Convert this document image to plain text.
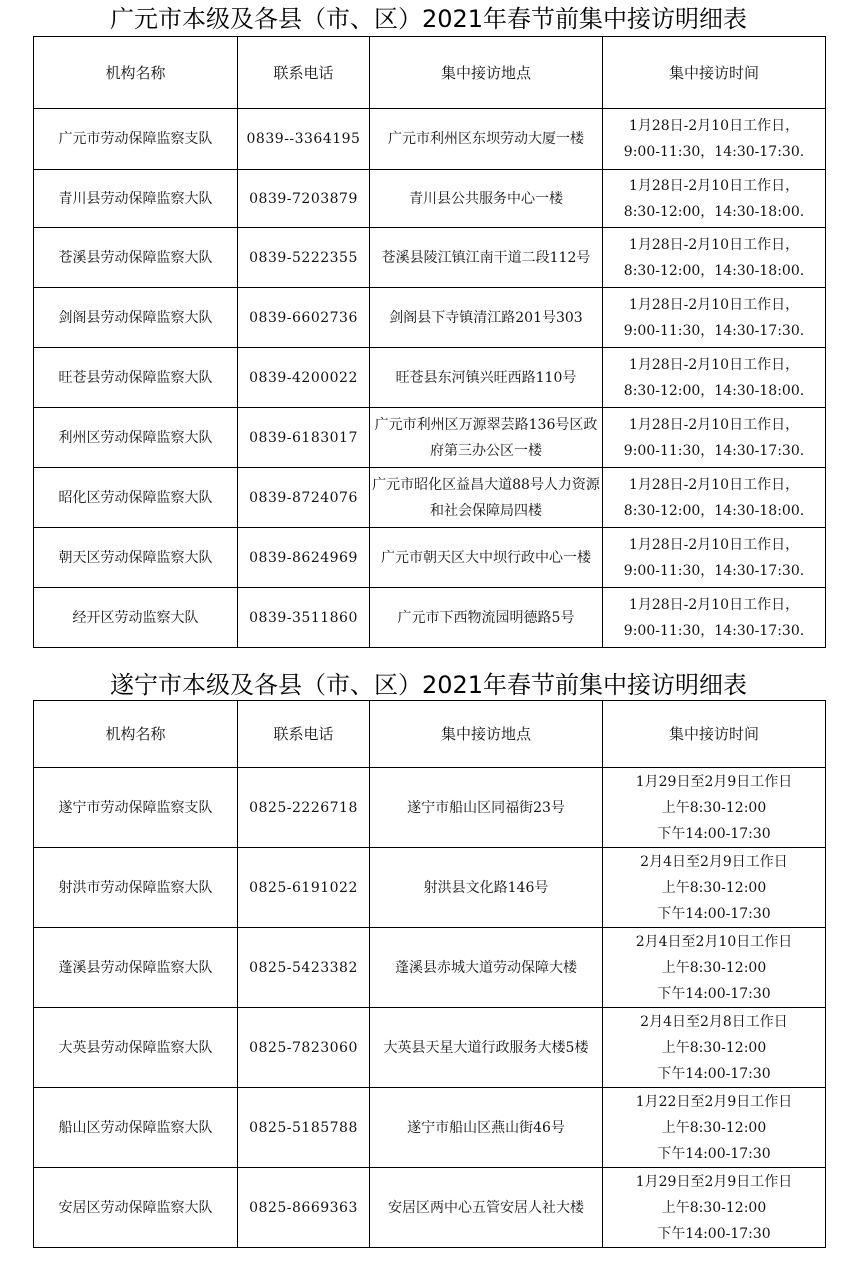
广元市本级及各县（市、区）2021年春节前集中接访明细表
机构名称	联系电话	集中接访地点	集中接访时间
广元市劳动保障监察支队	0839--3364195	广元市利州区东坝劳动大厦一楼	1月28日-2月10日工作日，
9:00-11:30，14:30-17:30.

青川县劳动保障监察大队	0839-7203879	青川县公共服务中心一楼	1月28日-2月10日工作日，
8:30-12:00，14:30-18:00.

苍溪县劳动保障监察大队	0839-5222355	苍溪县陵江镇江南干道二段112号	1月28日-2月10日工作日，
8:30-12:00，14:30-18:00.

剑阁县劳动保障监察大队	0839-6602736	剑阁县下寺镇清江路201号303	1月28日-2月10日工作日，
9:00-11:30，14:30-17:30.

旺苍县劳动保障监察大队	0839-4200022	旺苍县东河镇兴旺西路110号	1月28日-2月10日工作日，
8:30-12:00，14:30-18:00.

利州区劳动保障监察大队	0839-6183017	广元市利州区万源翠芸路136号区政府第三办公区一楼	1月28日-2月10日工作日，
9:00-11:30，14:30-17:30.

昭化区劳动保障监察大队	0839-8724076	广元市昭化区益昌大道88号人力资源和社会保障局四楼	1月28日-2月10日工作日，
8:30-12:00，14:30-18:00.

朝天区劳动保障监察大队	0839-8624969	广元市朝天区大中坝行政中心一楼	1月28日-2月10日工作日，
9:00-11:30，14:30-17:30.

经开区劳动监察大队	0839-3511860	广元市下西物流园明德路5号	1月28日-2月10日工作日，
9:00-11:30，14:30-17:30.
遂宁市本级及各县（市、区）2021年春节前集中接访明细表
机构名称	联系电话	集中接访地点	集中接访时间
遂宁市劳动保障监察支队	0825-2226718	遂宁市船山区同福街23号	1月29日至2月9日工作日
上午8:30-12:00
下午14:00-17:30

射洪市劳动保障监察大队	0825-6191022	射洪县文化路146号	2月4日至2月9日工作日
上午8:30-12:00
下午14:00-17:30

蓬溪县劳动保障监察大队	0825-5423382	蓬溪县赤城大道劳动保障大楼	2月4日至2月10日工作日
上午8:30-12:00
下午14:00-17:30

大英县劳动保障监察大队	0825-7823060	大英县天星大道行政服务大楼5楼	2月4日至2月8日工作日
上午8:30-12:00
下午14:00-17:30

船山区劳动保障监察大队	0825-5185788	遂宁市船山区燕山街46号	1月22日至2月9日工作日
上午8:30-12:00
下午14:00-17:30

安居区劳动保障监察大队	0825-8669363	安居区两中心五管安居人社大楼	1月29日至2月9日工作日
上午8:30-12:00
下午14:00-17:30
